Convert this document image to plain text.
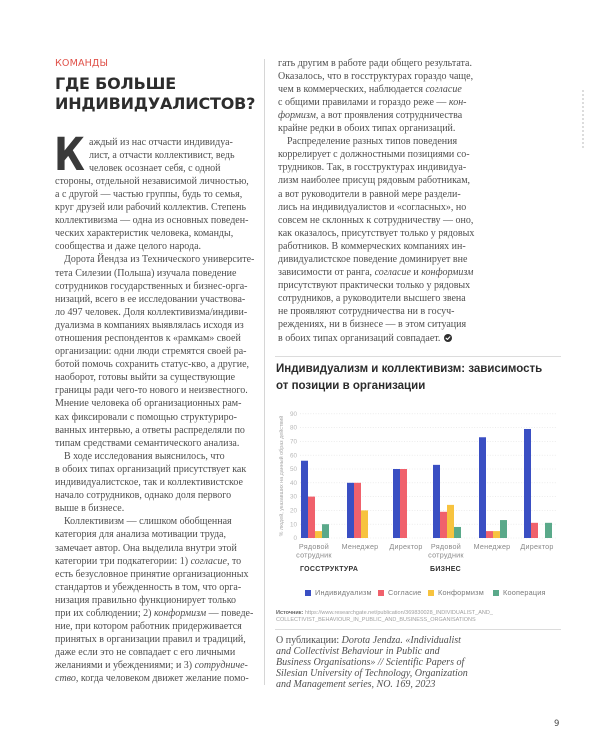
КОМАНДЫ
ГДЕ БОЛЬШЕ
ИНДИВИДУАЛИСТОВ?
К аждый из нас отчасти индивидуа-
лист, а отчасти коллективист, ведь
человек осознает себя, с одной
стороны, отдельной независимой личностью,
а с другой — частью группы, будь то семья,
круг друзей или рабочий коллектив. Степень
коллективизма — одна из основных поведен-
ческих характеристик человека, команды,
сообщества и даже целого народа.
Дорота Йендза из Технического университе-
тета Силезии (Польша) изучала поведение
сотрудников государственных и бизнес-орга-
низаций, всего в ее исследовании участвова-
ло 497 человек. Доля коллективизма/индиви-
дуализма в компаниях выявлялась исходя из
отношения респондентов к «рамкам» своей
организации: одни люди стремятся своей ра-
ботой помочь сохранить статус-кво, а другие,
наоборот, готовы выйти за существующие
границы ради чего-то нового и неизвестного.
Мнение человека об организационных рам-
ках фиксировали с помощью структуриро-
ванных интервью, а ответы распределяли по
типам средствами семантического анализа.
В ходе исследования выяснилось, что
в обоих типах организаций присутствует как
индивидуалистское, так и коллективистское
начало сотрудников, однако доля первого
выше в бизнесе.
Коллективизм — слишком обобщенная
категория для анализа мотивации труда,
замечает автор. Она выделила внутри этой
категории три подкатегории: 1) согласие, то
есть безусловное принятие организационных
стандартов и убежденность в том, что орга-
низация правильно функционирует только
при их соблюдении; 2) конформизм — поведе-
ние, при котором работник придерживается
принятых в организации правил и традиций,
даже если это не совпадает с его личными
желаниями и убеждениями; и 3) сотрудниче-
ство, когда человеком движет желание помо-
гать другим в работе ради общего результата.
Оказалось, что в госструктурах гораздо чаще,
чем в коммерческих, наблюдается согласие
с общими правилами и гораздо реже — кон-
формизм, а вот проявления сотрудничества
крайне редки в обоих типах организаций.
Распределение разных типов поведения
коррелирует с должностными позициями со-
трудников. Так, в госструктурах индивидуа-
лизм наиболее присущ рядовым работникам,
а вот руководители в равной мере раздели-
лись на индивидуалистов и «согласных», но
совсем не склонных к сотрудничеству — оно,
как оказалось, присутствует только у рядовых
работников. В коммерческих компаниях ин-
дивидуалистское поведение доминирует вне
зависимости от ранга, согласие и конформизм
присутствуют практически только у рядовых
сотрудников, а руководители высшего звена
не проявляют сотрудничества ни в госуч-
реждениях, ни в бизнесе — в этом ситуация
в обоих типах организаций совпадает.
Индивидуализм и коллективизм: зависимость
от позиции в организации
0
10
20
30
40
50
60
70
80
90
% людей, указавших на данный образ действий
Рядовой
сотрудник
Менеджер Директор Рядовой
сотрудник
Менеджер Директор
ГОССТРУКТУРА	БИЗНЕС
Индивидуализм Согласие Конформизм	Кооперация
Источник: https://www.researchgate.net/publication/369830028_INDIVIDUALIST_AND_
COLLECTIVIST_BEHAVIOUR_IN_PUBLIC_AND_BUSINESS_ORGANISATIONS
О публикации: Dorota Jendza. «Individualist
and Collectivist Behaviour in Public and
Business Organisations» // Scientific Papers of
Silesian University of Technology, Organization
and Management series, NO. 169, 2023
9
